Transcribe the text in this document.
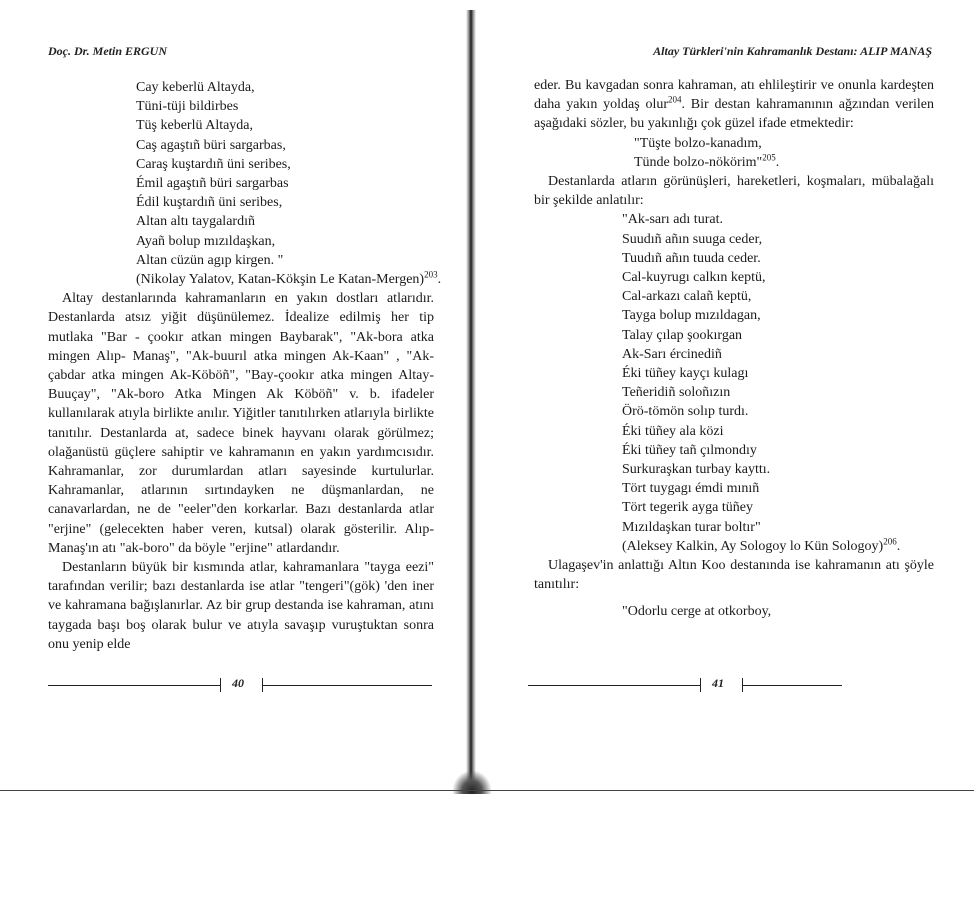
Doç. Dr. Metin ERGUN

Cay keberlü Altayda,

Tüni-tüji bildirbes

Tüş keberlü Altayda,

Caş agaştıñ büri sargarbas,

Caraş kuştardıñ üni seribes,

Émil agaştıñ büri sargarbas

Édil kuştardıñ üni seribes,

Altan altı taygalardıñ

Ayañ bolup mızıldaşkan,

Altan cüzün agıp kirgen. "

(Nikolay Yalatov, Katan-Kökşin Le Katan-Mergen)$^{203}$.

Altay destanlarında kahramanların en yakın dostları atlarıdır. Destanlarda atsız yiğit düşünülemez. İdealize edilmiş her tip mutlaka "Bar - çookır atkan mingen Baybarak", "Ak-bora atka mingen Alıp- Manaş", "Ak-buurıl atka mingen Ak-Kaan" , "Ak-çabdar atka mingen Ak-Köböñ", "Bay-çookır atka mingen Altay-Buuçay", "Ak-boro Atka Mingen Ak Köböñ" v. b. ifadeler kullanılarak atıyla birlikte anılır. Yiğitler tanıtılırken atlarıyla birlikte tanıtılır. Destanlarda at, sadece binek hayvanı olarak görülmez; olağanüstü güçlere sahiptir ve kahramanın en yakın yardımcısıdır. Kahramanlar, zor durumlardan atları sayesinde kurtulurlar. Kahramanlar, atlarının sırtındayken ne düşmanlardan, ne canavarlardan, ne de "eeler"den korkarlar. Bazı destanlarda atlar "erjine" (gelecekten haber veren, kutsal) olarak gösterilir. Alıp-Manaş'ın atı "ak-boro" da böyle "erjine" atlardandır.

Destanların büyük bir kısmında atlar, kahramanlara "tayga eezi" tarafından verilir; bazı destanlarda ise atlar "tengeri"(gök) 'den iner ve kahramana bağışlanırlar. Az bir grup destanda ise kahraman, atını taygada başı boş olarak bulur ve atıyla savaşıp vuruştuktan sonra onu yenip elde

40
Altay Türkleri'nin Kahramanlık Destanı: ALIP MANAŞ

eder. Bu kavgadan sonra kahraman, atı ehlileştirir ve onunla kardeşten daha yakın yoldaş olur$^{204}$. Bir destan kahramanının ağzından verilen aşağıdaki sözler, bu yakınlığı çok güzel ifade etmektedir:

"Tüşte bolzo-kanadım,

Tünde bolzo-nökörim"$^{205}$.

Destanlarda atların görünüşleri, hareketleri, koşmaları, mübalağalı bir şekilde anlatılır:

"Ak-sarı adı turat.

Suudıñ añın suuga ceder,

Tuudıñ añın tuuda ceder.

Cal-kuyrugı calkın keptü,

Cal-arkazı calañ keptü,

Tayga bolup mızıldagan,

Talay çılap şookırgan

Ak-Sarı ércinediñ

Éki tüñey kayçı kulagı

Teñeridiñ soloñızın

Örö-tömön solıp turdı.

Éki tüñey ala közi

Éki tüñey tañ çılmondıy

Surkuraşkan turbay kayttı.

Tört tuygagı émdi mınıñ

Tört tegerik ayga tüñey

Mızıldaşkan turar boltır"

(Aleksey Kalkin, Ay Sologoy lo Kün Sologoy)$^{206}$.

Ulagaşev'in anlattığı Altın Koo destanında ise kahramanın atı şöyle tanıtılır:

"Odorlu cerge at otkorboy,

41
